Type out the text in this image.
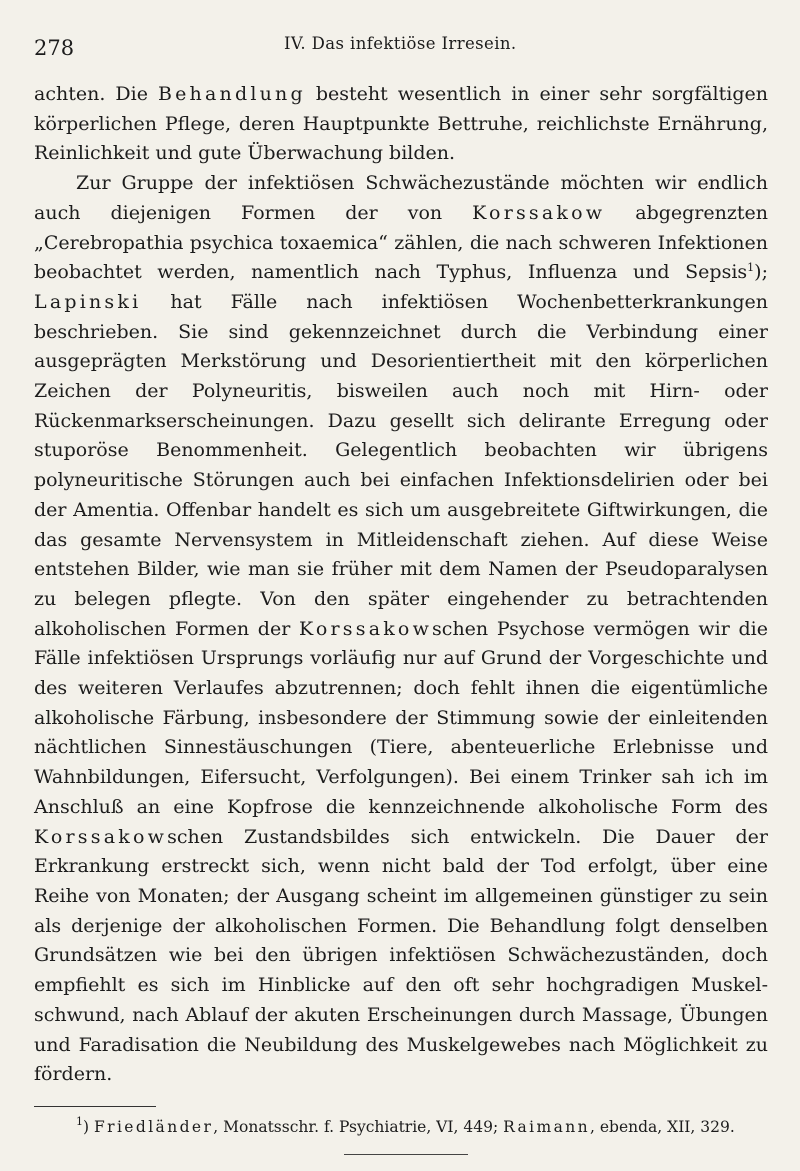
278	IV. Das infektiöse Irresein.

achten. Die Behandlung besteht wesentlich in einer sehr sorgfältigen körperlichen Pflege, deren Hauptpunkte Bettruhe, reichlichste Ernährung, Reinlichkeit und gute Überwachung bilden.

Zur Gruppe der infektiösen Schwächezustände möchten wir endlich auch diejenigen Formen der von Korssakow abgegrenzten „Cerebropathia psychica toxaemica“ zählen, die nach schweren Infektionen beobachtet werden, namentlich nach Typhus, Influenza und Sepsis$^1$); Lapinski hat Fälle nach infektiösen Wochenbetterkrankungen beschrieben. Sie sind gekennzeichnet durch die Verbindung einer ausgeprägten Merkstörung und Desorientiertheit mit den körperlichen Zeichen der Polyneuritis, bisweilen auch noch mit Hirn- oder Rückenmarkserscheinungen. Dazu gesellt sich delirante Erregung oder stuporöse Benommenheit. Gelegentlich beobachten wir übrigens polyneuritische Störungen auch bei einfachen Infektionsdelirien oder bei der Amentia. Offenbar handelt es sich um ausgebreitete Giftwirkungen, die das gesamte Nervensystem in Mitleidenschaft ziehen. Auf diese Weise entstehen Bilder, wie man sie früher mit dem Namen der Pseudoparalysen zu belegen pflegte. Von den später eingehender zu betrachtenden alkoholischen Formen der Korssakowschen Psychose vermögen wir die Fälle infektiösen Ursprungs vorläufig nur auf Grund der Vorgeschichte und des weiteren Verlaufes abzutrennen; doch fehlt ihnen die eigentümliche alkoholische Färbung, insbesondere der Stimmung sowie der einleitenden nächtlichen Sinnestäuschungen (Tiere, abenteuerliche Erlebnisse und Wahnbildungen, Eifersucht, Verfolgungen). Bei einem Trinker sah ich im Anschluß an eine Kopfrose die kennzeichnende alkoholische Form des Korssakowschen Zustandsbildes sich entwickeln. Die Dauer der Erkrankung erstreckt sich, wenn nicht bald der Tod erfolgt, über eine Reihe von Monaten; der Ausgang scheint im allgemeinen günstiger zu sein als derjenige der alkoholischen Formen. Die Behandlung folgt denselben Grundsätzen wie bei den übrigen infektiösen Schwächezuständen, doch empfiehlt es sich im Hinblicke auf den oft sehr hochgradigen Muskelschwund, nach Ablauf der akuten Erscheinungen durch Massage, Übungen und Faradisation die Neubildung des Muskelgewebes nach Möglichkeit zu fördern.

$^1$) Friedländer, Monatsschr. f. Psychiatrie, VI, 449; Raimann, ebenda, XII, 329.
